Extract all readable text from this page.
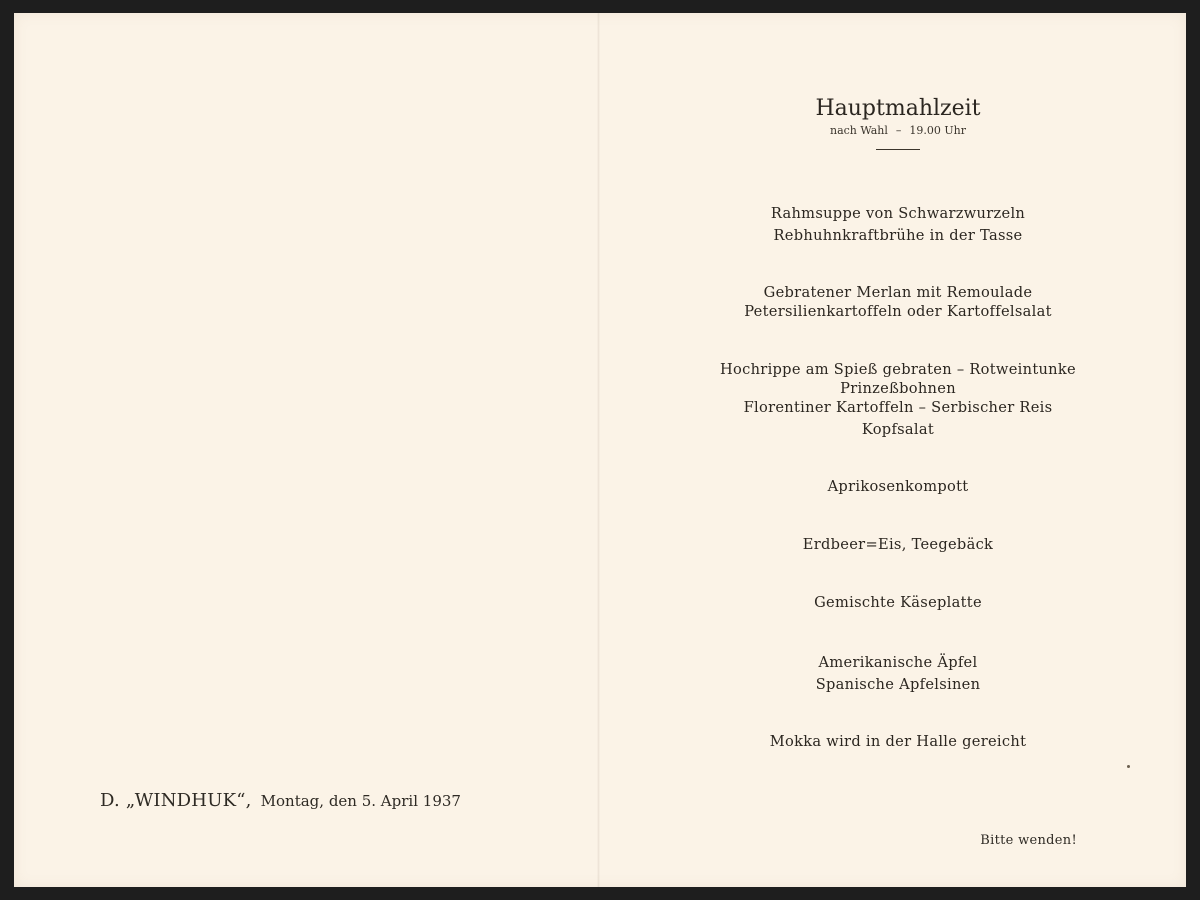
D. „WINDHUK“, Montag, den 5. April 1937
Hauptmahlzeit
nach Wahl – 19.00 Uhr
Rahmsuppe von Schwarzwurzeln
Rebhuhnkraftbrühe in der Tasse
Gebratener Merlan mit Remoulade
Petersilienkartoffeln oder Kartoffelsalat
Hochrippe am Spieß gebraten – Rotweintunke
Prinzeßbohnen
Florentiner Kartoffeln – Serbischer Reis
Kopfsalat
Aprikosenkompott
Erdbeer=Eis, Teegebäck
Gemischte Käseplatte
Amerikanische Äpfel
Spanische Apfelsinen
Mokka wird in der Halle gereicht
Bitte wenden!
